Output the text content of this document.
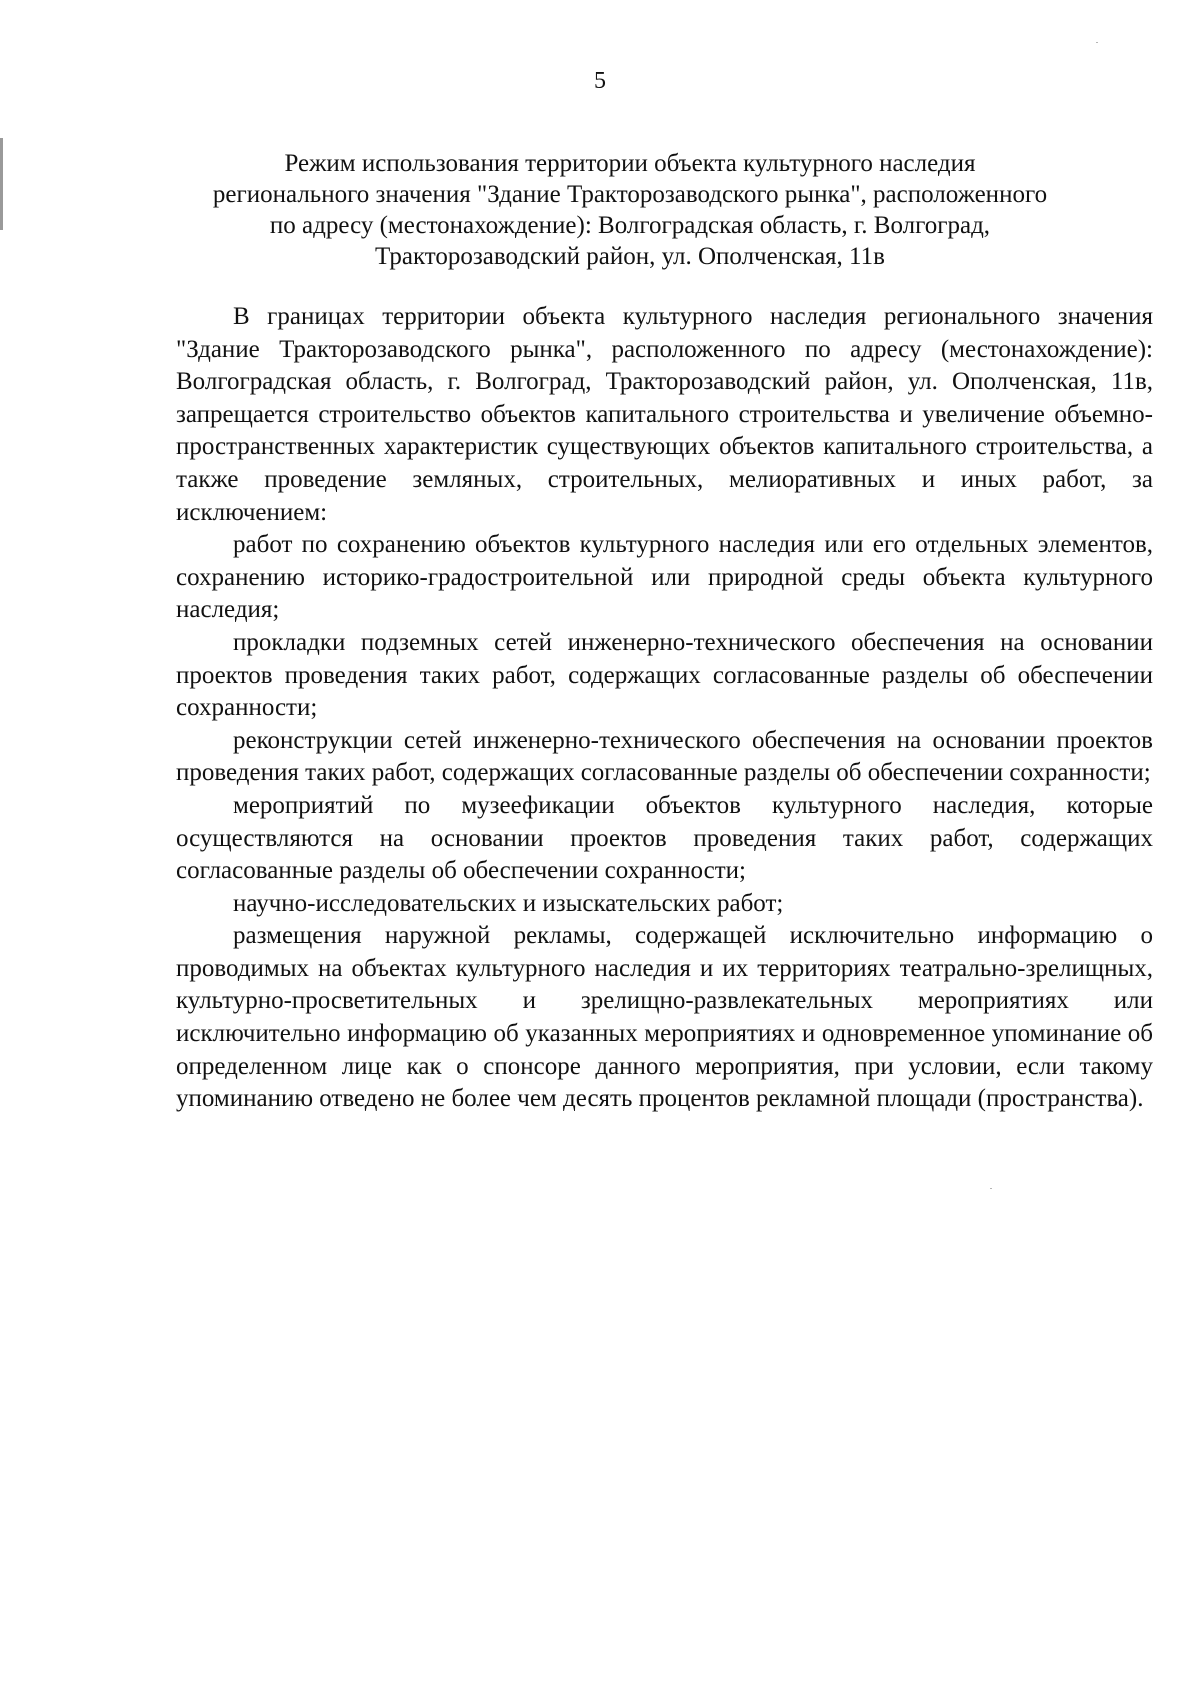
5
Режим использования территории объекта культурного наследия
регионального значения "Здание Тракторозаводского рынка", расположенного
по адресу (местонахождение): Волгоградская область, г. Волгоград,
Тракторозаводский район, ул. Ополченская, 11в

В границах территории объекта культурного наследия регионального значения "Здание Тракторозаводского рынка", расположенного по адресу (местонахождение): Волгоградская область, г. Волгоград, Тракторозаводский район, ул. Ополченская, 11в, запрещается строительство объектов капитального строительства и увеличение объемно-пространственных характеристик существующих объектов капитального строительства, а также проведение земляных, строительных, мелиоративных и иных работ, за исключением:

работ по сохранению объектов культурного наследия или его отдельных элементов, сохранению историко-градостроительной или природной среды объекта культурного наследия;

прокладки подземных сетей инженерно-технического обеспечения на основании проектов проведения таких работ, содержащих согласованные разделы об обеспечении сохранности;

реконструкции сетей инженерно-технического обеспечения на основании проектов проведения таких работ, содержащих согласованные разделы об обеспечении сохранности;

мероприятий по музеефикации объектов культурного наследия, которые осуществляются на основании проектов проведения таких работ, содержащих согласованные разделы об обеспечении сохранности;

научно-исследовательских и изыскательских работ;

размещения наружной рекламы, содержащей исключительно информацию о проводимых на объектах культурного наследия и их территориях театрально-зрелищных, культурно-просветительных и зрелищно-развлекательных мероприятиях или исключительно информацию об указанных мероприятиях и одновременное упоминание об определенном лице как о спонсоре данного мероприятия, при условии, если такому упоминанию отведено не более чем десять процентов рекламной площади (пространства).
